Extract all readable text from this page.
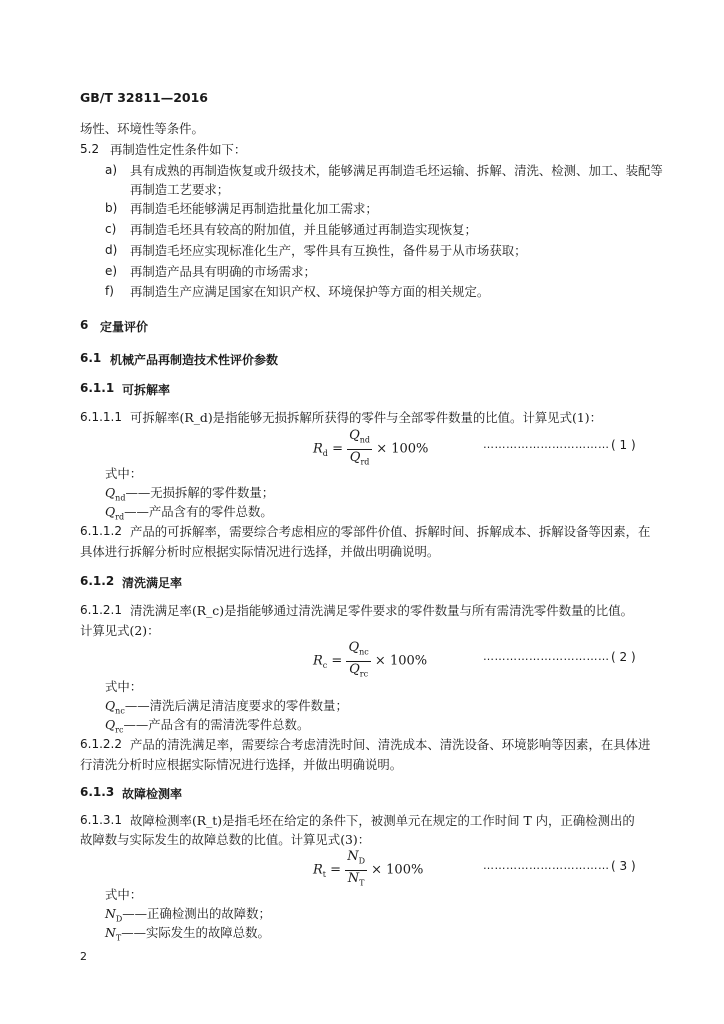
GB/T 32811—2016
场性、环境性等条件。
5.2 再制造性定性条件如下：
a) 具有成熟的再制造恢复或升级技术，能够满足再制造毛坯运输、拆解、清洗、检测、加工、装配等
再制造工艺要求；
b) 再制造毛坯能够满足再制造批量化加工需求；
c) 再制造毛坯具有较高的附加值，并且能够通过再制造实现恢复；
d) 再制造毛坯应实现标准化生产，零件具有互换性，备件易于从市场获取；
e) 再制造产品具有明确的市场需求；
f) 再制造生产应满足国家在知识产权、环境保护等方面的相关规定。
6 定量评价
6.1 机械产品再制造技术性评价参数
6.1.1 可拆解率
6.1.1.1 可拆解率(R_d)是指能够无损拆解所获得的零件与全部零件数量的比值。计算见式(1)：
$R_d = \frac{Q_{nd}}{Q_{rd}} \times 100\%$	…………………………… ( 1 )
式中：
$Q_{nd}——$无损拆解的零件数量；
$Q_{rd}——$产品含有的零件总数。
6.1.1.2 产品的可拆解率，需要综合考虑相应的零部件价值、拆解时间、拆解成本、拆解设备等因素，在
具体进行拆解分析时应根据实际情况进行选择，并做出明确说明。
6.1.2 清洗满足率
6.1.2.1 清洗满足率(R_c)是指能够通过清洗满足零件要求的零件数量与所有需清洗零件数量的比值。
计算见式(2)：
$R_c = \frac{Q_{nc}}{Q_{rc}} \times 100\%$	…………………………… ( 2 )
式中：
$Q_{nc}——$清洗后满足清洁度要求的零件数量；
$Q_{rc}——$产品含有的需清洗零件总数。
6.1.2.2 产品的清洗满足率，需要综合考虑清洗时间、清洗成本、清洗设备、环境影响等因素，在具体进
行清洗分析时应根据实际情况进行选择，并做出明确说明。
6.1.3 故障检测率
6.1.3.1 故障检测率(R_t)是指毛坯在给定的条件下，被测单元在规定的工作时间 T 内，正确检测出的
故障数与实际发生的故障总数的比值。计算见式(3)：
$R_t = \frac{N_D}{N_T} \times 100\%$	…………………………… ( 3 )
式中：
$N_D——$正确检测出的故障数；
$N_T——$实际发生的故障总数。
2
